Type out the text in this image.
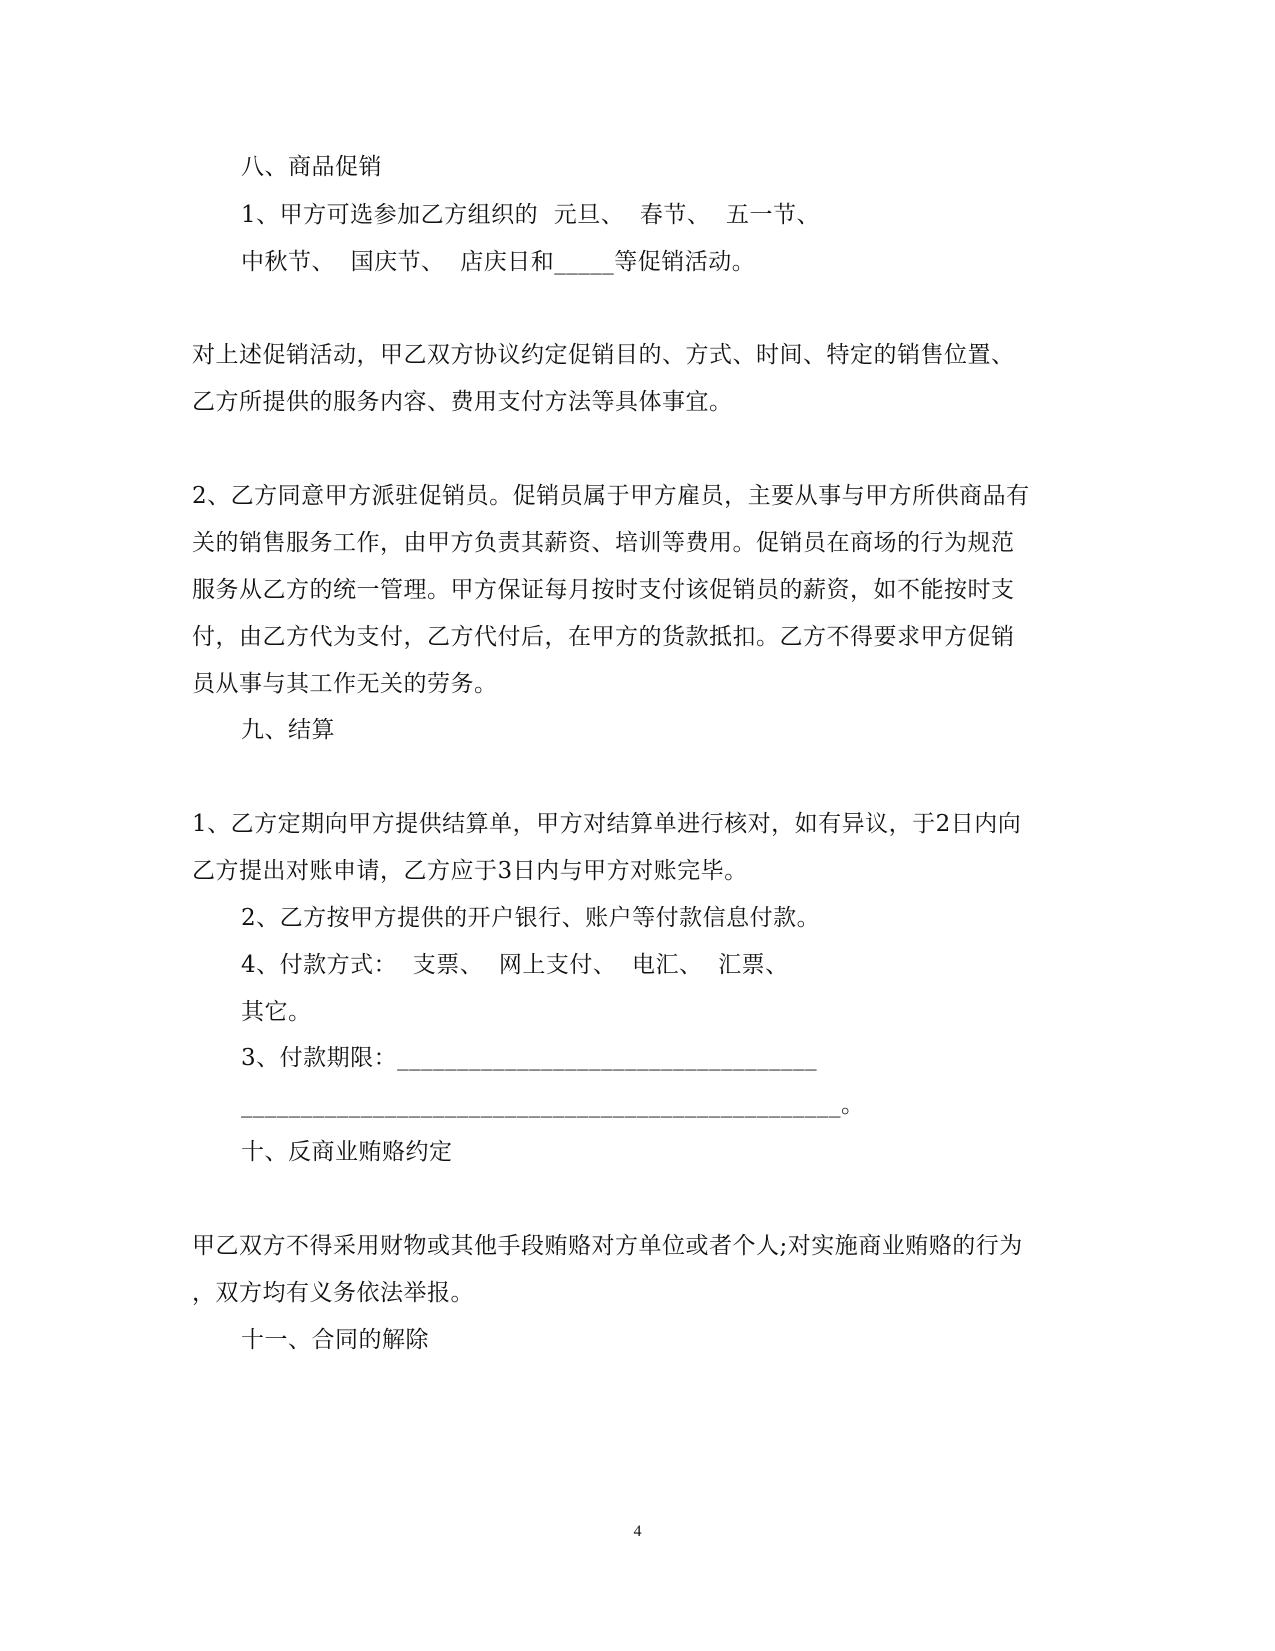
八、商品促销
1、甲方可选参加乙方组织的  元旦、  春节、  五一节、
中秋节、  国庆节、  店庆日和_____等促销活动。
对上述促销活动，甲乙双方协议约定促销目的、方式、时间、特定的销售位置、
乙方所提供的服务内容、费用支付方法等具体事宜。
2、乙方同意甲方派驻促销员。促销员属于甲方雇员，主要从事与甲方所供商品有
关的销售服务工作，由甲方负责其薪资、培训等费用。促销员在商场的行为规范
服务从乙方的统一管理。甲方保证每月按时支付该促销员的薪资，如不能按时支
付，由乙方代为支付，乙方代付后，在甲方的货款抵扣。乙方不得要求甲方促销
员从事与其工作无关的劳务。
九、结算
1、乙方定期向甲方提供结算单，甲方对结算单进行核对，如有异议，于2日内向
乙方提出对账申请，乙方应于3日内与甲方对账完毕。
2、乙方按甲方提供的开户银行、账户等付款信息付款。
4、付款方式：  支票、  网上支付、  电汇、  汇票、
其它。
3、付款期限：___________________________________
__________________________________________________。
十、反商业贿赂约定
甲乙双方不得采用财物或其他手段贿赂对方单位或者个人;对实施商业贿赂的行为
，双方均有义务依法举报。
十一、合同的解除
4
